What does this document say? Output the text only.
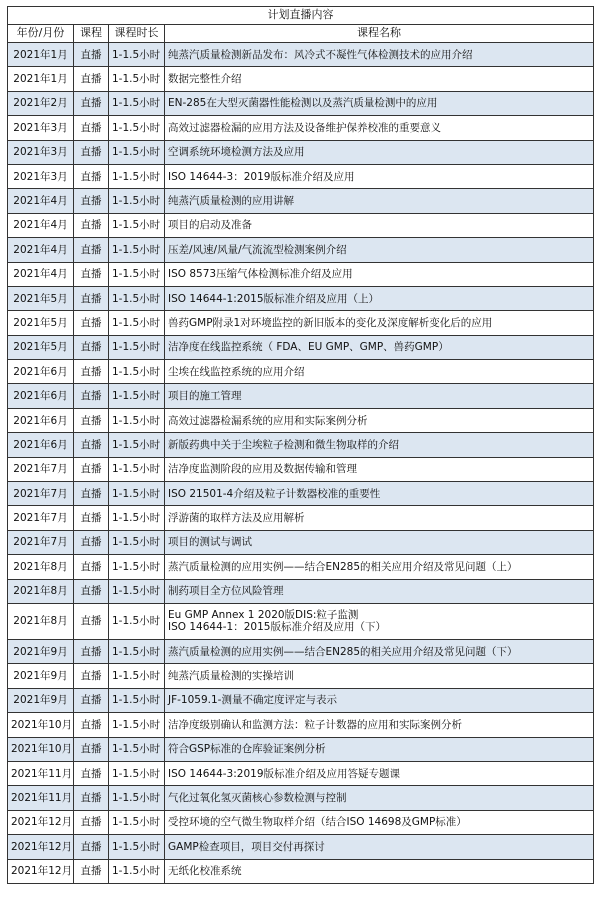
计划直播内容			
年份/月份	课程	课程时长	课程名称
2021年1月	直播	1-1.5小时	纯蒸汽质量检测新品发布：风冷式不凝性气体检测技术的应用介绍

2021年1月	直播	1-1.5小时	数据完整性介绍

2021年2月	直播	1-1.5小时	EN-285在大型灭菌器性能检测以及蒸汽质量检测中的应用

2021年3月	直播	1-1.5小时	高效过滤器检漏的应用方法及设备维护保养校准的重要意义

2021年3月	直播	1-1.5小时	空调系统环境检测方法及应用

2021年3月	直播	1-1.5小时	ISO 14644-3：2019版标准介绍及应用

2021年4月	直播	1-1.5小时	纯蒸汽质量检测的应用讲解

2021年4月	直播	1-1.5小时	项目的启动及准备

2021年4月	直播	1-1.5小时	压差/风速/风量/气流流型检测案例介绍

2021年4月	直播	1-1.5小时	ISO 8573压缩气体检测标准介绍及应用

2021年5月	直播	1-1.5小时	ISO 14644-1:2015版标准介绍及应用（上）

2021年5月	直播	1-1.5小时	兽药GMP附录1对环境监控的新旧版本的变化及深度解析变化后的应用

2021年5月	直播	1-1.5小时	洁净度在线监控系统（ FDA、EU GMP、GMP、兽药GMP）

2021年6月	直播	1-1.5小时	尘埃在线监控系统的应用介绍

2021年6月	直播	1-1.5小时	项目的施工管理

2021年6月	直播	1-1.5小时	高效过滤器检漏系统的应用和实际案例分析

2021年6月	直播	1-1.5小时	新版药典中关于尘埃粒子检测和微生物取样的介绍

2021年7月	直播	1-1.5小时	洁净度监测阶段的应用及数据传输和管理

2021年7月	直播	1-1.5小时	ISO 21501-4介绍及粒子计数器校准的重要性

2021年7月	直播	1-1.5小时	浮游菌的取样方法及应用解析

2021年7月	直播	1-1.5小时	项目的测试与调试

2021年8月	直播	1-1.5小时	蒸汽质量检测的应用实例——结合EN285的相关应用介绍及常见问题（上）

2021年8月	直播	1-1.5小时	制药项目全方位风险管理

2021年8月	直播	1-1.5小时	Eu GMP Annex 1 2020版DIS:粒子监测
ISO 14644-1：2015版标准介绍及应用（下）

2021年9月	直播	1-1.5小时	蒸汽质量检测的应用实例——结合EN285的相关应用介绍及常见问题（下）

2021年9月	直播	1-1.5小时	纯蒸汽质量检测的实操培训

2021年9月	直播	1-1.5小时	JF-1059.1-测量不确定度评定与表示

2021年10月	直播	1-1.5小时	洁净度级别确认和监测方法：粒子计数器的应用和实际案例分析

2021年10月	直播	1-1.5小时	符合GSP标准的仓库验证案例分析

2021年11月	直播	1-1.5小时	ISO 14644-3:2019版标准介绍及应用答疑专题课

2021年11月	直播	1-1.5小时	气化过氧化氢灭菌核心参数检测与控制

2021年12月	直播	1-1.5小时	受控环境的空气微生物取样介绍（结合ISO 14698及GMP标准）

2021年12月	直播	1-1.5小时	GAMP检查项目，项目交付再探讨

2021年12月	直播	1-1.5小时	无纸化校准系统
